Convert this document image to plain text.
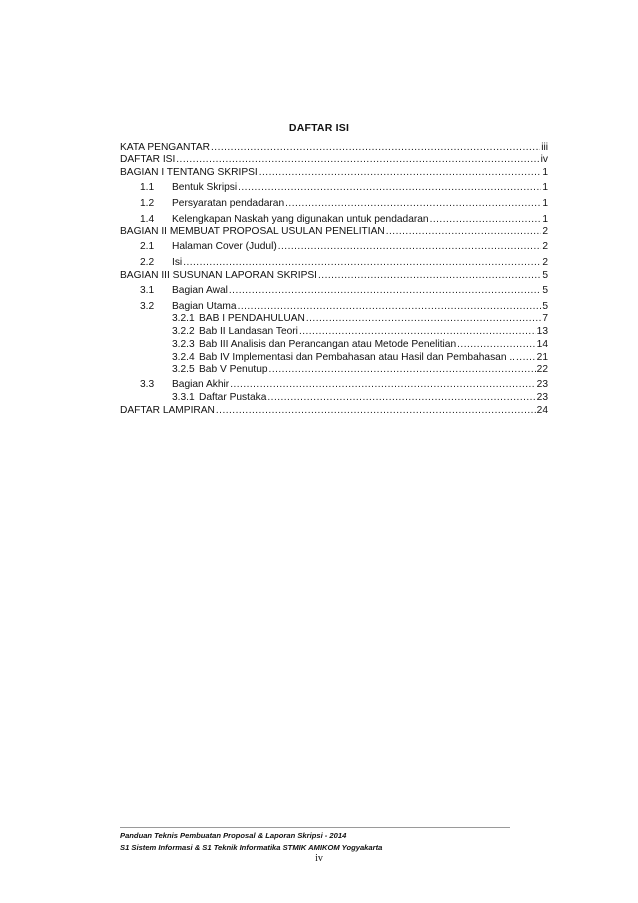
DAFTAR ISI
KATA PENGANTAR .....	iii
DAFTAR ISI .....	iv
BAGIAN I TENTANG SKRIPSI .....	1
1.1	Bentuk Skripsi .....	1
1.2	Persyaratan pendadaran .....	1
1.4	Kelengkapan Naskah yang digunakan untuk pendadaran .....	1
BAGIAN II MEMBUAT PROPOSAL USULAN PENELITIAN .....	2
2.1	Halaman Cover (Judul) .....	2
2.2	Isi .....	2
BAGIAN III SUSUNAN LAPORAN SKRIPSI .....	5
3.1	Bagian Awal .....	5
3.2	Bagian Utama .....	5
3.2.1 BAB I PENDAHULUAN .....	7
3.2.2 Bab II Landasan Teori .....	13
3.2.3 Bab III Analisis dan Perancangan atau Metode Penelitian .....	14
3.2.4 Bab IV Implementasi dan Pembahasan atau Hasil dan Pembahasan .. ..... 21
3.2.5 Bab V Penutup .....	22
3.3	Bagian Akhir .....	23
3.3.1 Daftar Pustaka .....	23
DAFTAR LAMPIRAN .....	24
Panduan Teknis Pembuatan Proposal & Laporan Skripsi - 2014
S1 Sistem Informasi & S1 Teknik Informatika STMIK AMIKOM Yogyakarta
iv
